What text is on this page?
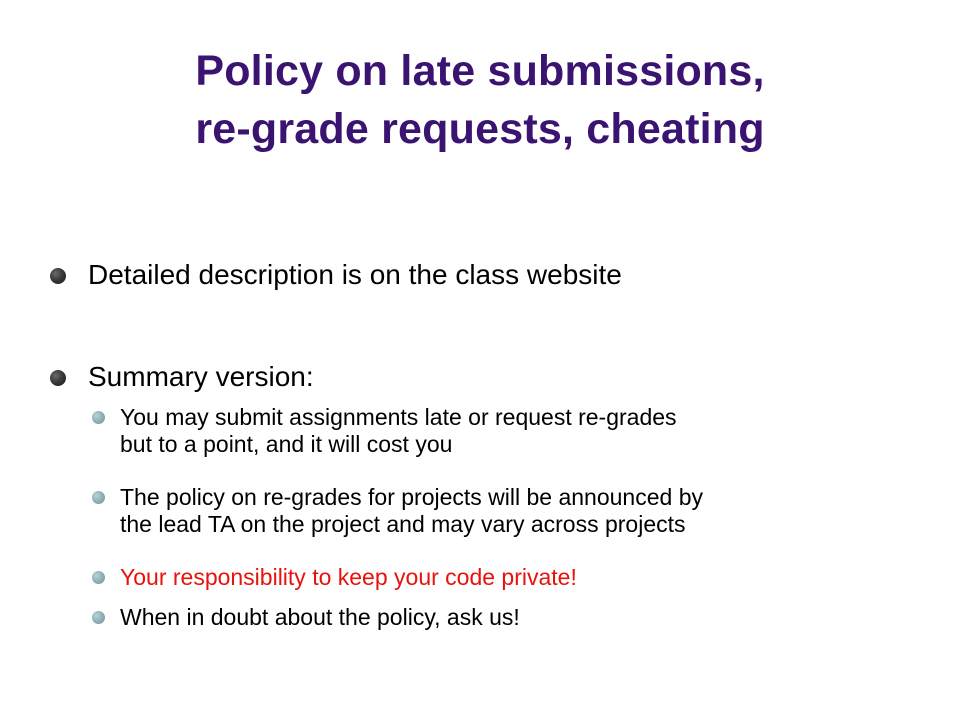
Policy on late submissions,
re-grade requests, cheating
Detailed description is on the class website
Summary version:
You may submit assignments late or request re-grades
but to a point, and it will cost you
The policy on re-grades for projects will be announced by
the lead TA on the project and may vary across projects
Your responsibility to keep your code private!
When in doubt about the policy, ask us!
